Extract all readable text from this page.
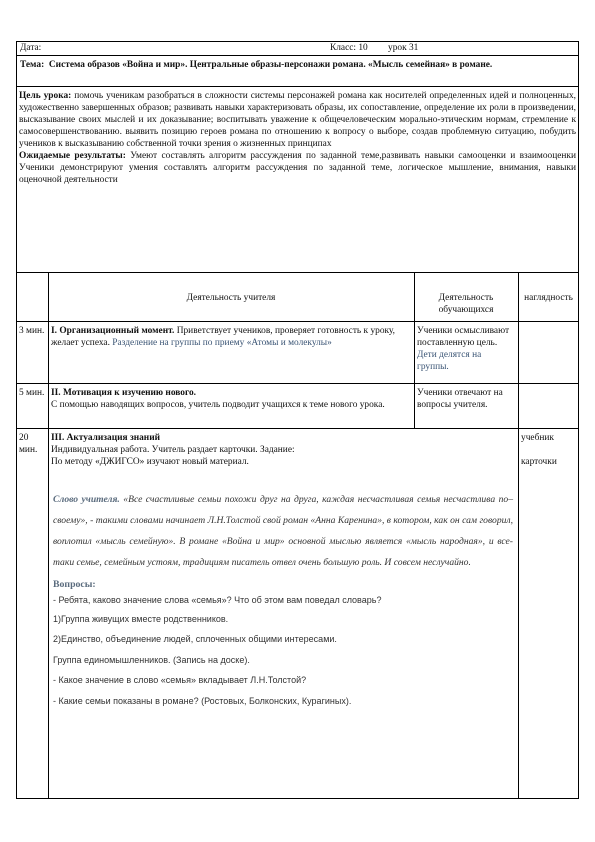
Дата:	Класс: 10 урок 31
Тема: Система образов «Война и мир». Центральные образы-персонажи романа. «Мысль семейная» в романе.

Цель урока: помочь ученикам разобраться в сложности системы персонажей романа как носителей определенных идей и полноценных, художественно завершенных образов; развивать навыки характеризовать образы, их сопоставление, определение их роли в произведении, высказывание своих мыслей и их доказывание; воспитывать уважение к общечеловеческим морально-этическим нормам, стремление к самосовершенствованию. выявить позицию героев романа по отношению к вопросу о выборе, создав проблемную ситуацию, побудить учеников к высказыванию собственной точки зрения о жизненных принципах

Ожидаемые результаты: Умеют составлять алгоритм рассуждения по заданной теме,развивать навыки самооценки и взаимооценки Ученики демонстрируют умения составлять алгоритм рассуждения по заданной теме, логическое мышление, внимания, навыки оценочной деятельности

Деятельность учителя	Деятельность обучающихся
наглядность
3 мин. I. Организационный момент. Приветствует учеников, проверяет готовность к уроку, желает успеха. Разделение на группы по приему «Атомы и молекулы»
Ученики осмысливают поставленную цель. Дети делятся на группы.
5 мин. II. Мотивация к изучению нового.
С помощью наводящих вопросов, учитель подводит учащихся к теме нового урока.
Ученики отвечают на вопросы учителя.
20 мин.
III. Актуализация знаний
Индивидуальная работа. Учитель раздает карточки. Задание:
По методу «ДЖИГСО» изучают новый материал.
учебник
карточки
Слово учителя. «Все счастливые семьи похожи друг на друга, каждая несчастливая семья несчастлива по–своему», - такими словами начинает Л.Н.Толстой свой роман «Анна Каренина», в котором, как он сам говорил, воплотил «мысль семейную». В романе «Война и мир» основной мыслью является «мысль народная», и все-таки семье, семейным устоям, традициям писатель отвел очень большую роль. И совсем неслучайно.
Вопросы:
- Ребята, каково значение слова «семья»? Что об этом вам поведал словарь?
1)Группа живущих вместе родственников.
2)Единство, объединение людей, сплоченных общими интересами.
Группа единомышленников. (Запись на доске).
- Какое значение в слово «семья» вкладывает Л.Н.Толстой?
- Какие семьи показаны в романе? (Ростовых, Болконских, Курагиных).
